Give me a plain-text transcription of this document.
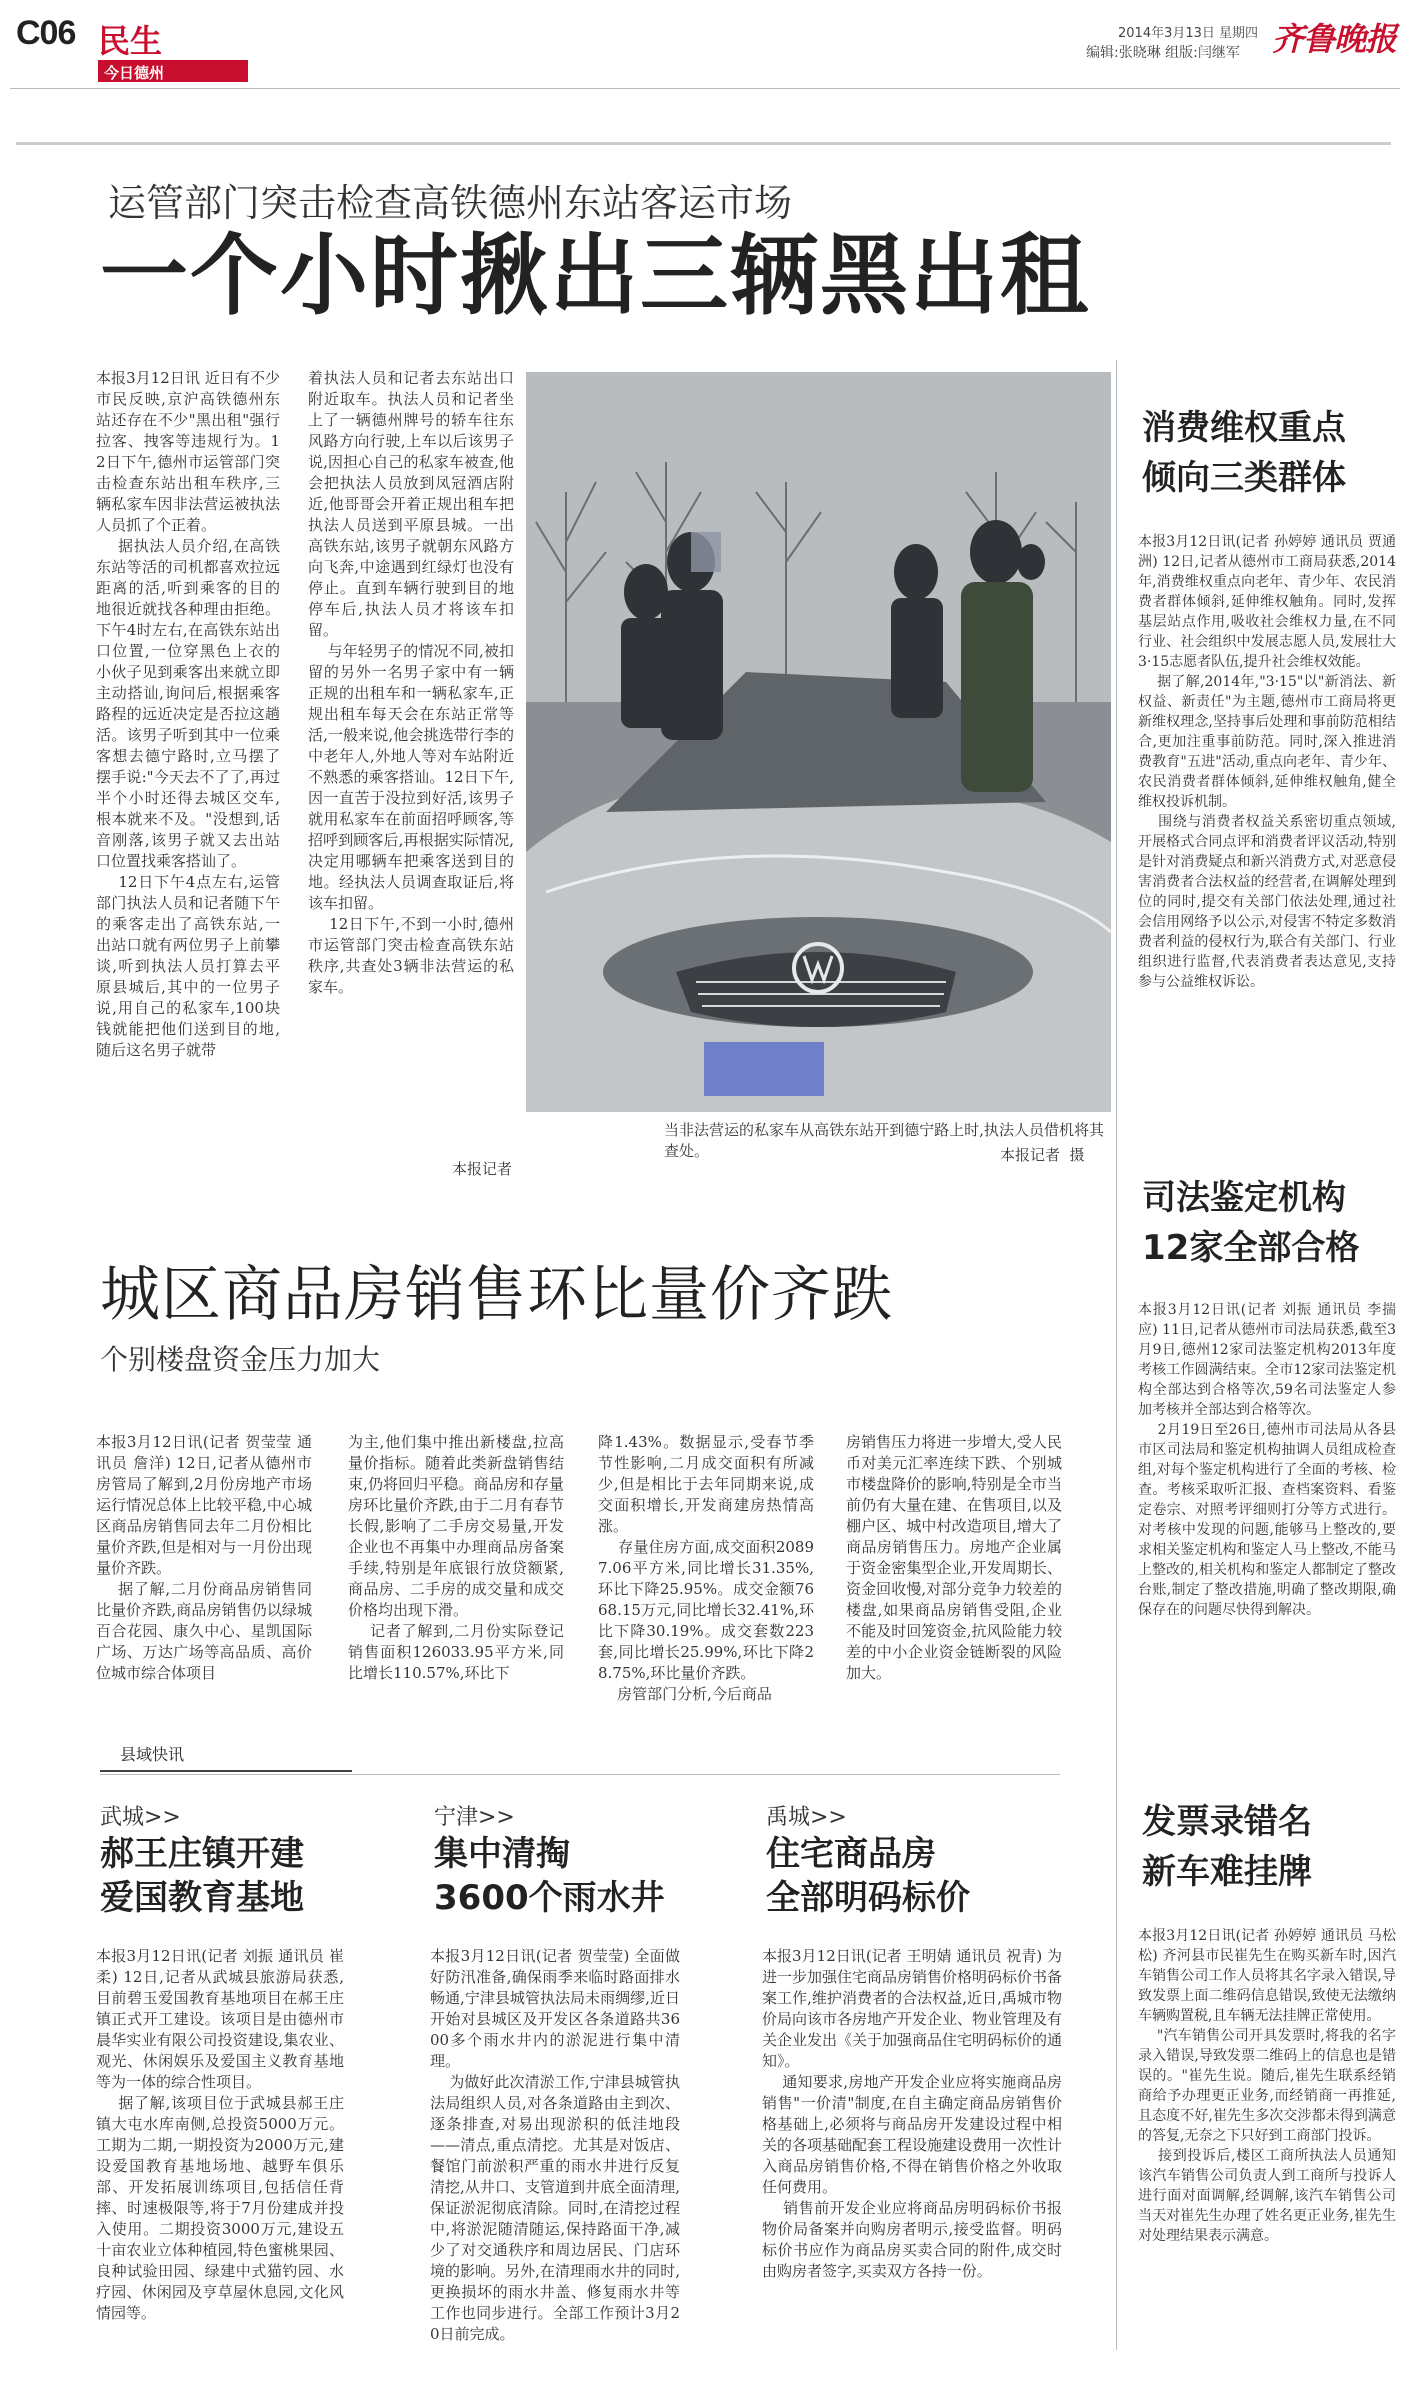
C06 民生
今日德州
2014年3月13日 星期四
编辑:张晓琳 组版:闫继军 齐鲁晚报
运管部门突击检查高铁德州东站客运市场
一个小时揪出三辆黑出租
本报3月12日讯 近日有不少市民反映,京沪高铁德州东站还存在不少"黑出租"强行拉客、拽客等违规行为。12日下午,德州市运管部门突击检查东站出租车秩序,三辆私家车因非法营运被执法人员抓了个正着。
据执法人员介绍,在高铁东站等活的司机都喜欢拉远距离的活,听到乘客的目的地很近就找各种理由拒绝。下午4时左右,在高铁东站出口位置,一位穿黑色上衣的小伙子见到乘客出来就立即主动搭讪,询问后,根据乘客路程的远近决定是否拉这趟活。该男子听到其中一位乘客想去德宁路时,立马摆了摆手说:"今天去不了了,再过半个小时还得去城区交车,根本就来不及。"没想到,话音刚落,该男子就又去出站口位置找乘客搭讪了。
12日下午4点左右,运管部门执法人员和记者随下午的乘客走出了高铁东站,一出站口就有两位男子上前攀谈,听到执法人员打算去平原县城后,其中的一位男子说,用自己的私家车,100块钱就能把他们送到目的地,随后这名男子就带
着执法人员和记者去东站出口附近取车。执法人员和记者坐上了一辆德州牌号的轿车往东风路方向行驶,上车以后该男子说,因担心自己的私家车被查,他会把执法人员放到凤冠酒店附近,他哥哥会开着正规出租车把执法人员送到平原县城。一出高铁东站,该男子就朝东风路方向飞奔,中途遇到红绿灯也没有停止。直到车辆行驶到目的地停车后,执法人员才将该车扣留。
与年轻男子的情况不同,被扣留的另外一名男子家中有一辆正规的出租车和一辆私家车,正规出租车每天会在东站正常等活,一般来说,他会挑选带行李的中老年人,外地人等对车站附近不熟悉的乘客搭讪。12日下午,因一直苦于没拉到好活,该男子就用私家车在前面招呼顾客,等招呼到顾客后,再根据实际情况,决定用哪辆车把乘客送到目的地。经执法人员调查取证后,将该车扣留。
12日下午,不到一小时,德州市运管部门突击检查高铁东站秩序,共查处3辆非法营运的私家车。
本报记者
当非法营运的私家车从高铁东站开到德宁路上时,执法人员借机将其查处。	本报记者  摄
城区商品房销售环比量价齐跌
个别楼盘资金压力加大
本报3月12日讯(记者 贺莹莹 通讯员 詹洋) 12日,记者从德州市房管局了解到,2月份房地产市场运行情况总体上比较平稳,中心城区商品房销售同去年二月份相比量价齐跌,但是相对与一月份出现量价齐跌。
据了解,二月份商品房销售同比量价齐跌,商品房销售仍以绿城百合花园、康久中心、星凯国际广场、万达广场等高品质、高价位城市综合体项目
为主,他们集中推出新楼盘,拉高量价指标。随着此类新盘销售结束,仍将回归平稳。商品房和存量房环比量价齐跌,由于二月有春节长假,影响了二手房交易量,开发企业也不再集中办理商品房备案手续,特别是年底银行放贷额紧,商品房、二手房的成交量和成交价格均出现下滑。
记者了解到,二月份实际登记销售面积126033.95平方米,同比增长110.57%,环比下
降1.43%。数据显示,受春节季节性影响,二月成交面积有所减少,但是相比于去年同期来说,成交面积增长,开发商建房热情高涨。
存量住房方面,成交面积20897.06平方米,同比增长31.35%,环比下降25.95%。成交金额7668.15万元,同比增长32.41%,环比下降30.19%。成交套数223套,同比增长25.99%,环比下降28.75%,环比量价齐跌。
房管部门分析,今后商品
房销售压力将进一步增大,受人民币对美元汇率连续下跌、个别城市楼盘降价的影响,特别是全市当前仍有大量在建、在售项目,以及棚户区、城中村改造项目,增大了商品房销售压力。房地产企业属于资金密集型企业,开发周期长、资金回收慢,对部分竞争力较差的楼盘,如果商品房销售受阻,企业不能及时回笼资金,抗风险能力较差的中小企业资金链断裂的风险加大。
县域快讯
武城>>
郝王庄镇开建
爱国教育基地
本报3月12日讯(记者 刘振 通讯员 崔柔) 12日,记者从武城县旅游局获悉,目前碧玉爱国教育基地项目在郝王庄镇正式开工建设。该项目是由德州市晨华实业有限公司投资建设,集农业、观光、休闲娱乐及爱国主义教育基地等为一体的综合性项目。
据了解,该项目位于武城县郝王庄镇大屯水库南侧,总投资5000万元。工期为二期,一期投资为2000万元,建设爱国教育基地场地、越野车俱乐部、开发拓展训练项目,包括信任背摔、时速极限等,将于7月份建成并投入使用。二期投资3000万元,建设五十亩农业立体种植园,特色蜜桃果园、良种试验田园、绿建中式猫钓园、水疗园、休闲园及亨草屋休息园,文化风情园等。
宁津>>
集中清掏
3600个雨水井
本报3月12日讯(记者 贺莹莹) 全面做好防汛准备,确保雨季来临时路面排水畅通,宁津县城管执法局未雨绸缪,近日开始对县城区及开发区各条道路共3600多个雨水井内的淤泥进行集中清理。
为做好此次清淤工作,宁津县城管执法局组织人员,对各条道路由主到次、逐条排查,对易出现淤积的低洼地段——清点,重点清挖。尤其是对饭店、餐馆门前淤积严重的雨水井进行反复清挖,从井口、支管道到井底全面清理,保证淤泥彻底清除。同时,在清挖过程中,将淤泥随清随运,保持路面干净,减少了对交通秩序和周边居民、门店环境的影响。另外,在清理雨水井的同时,更换损坏的雨水井盖、修复雨水井等工作也同步进行。全部工作预计3月20日前完成。
禹城>>
住宅商品房
全部明码标价
本报3月12日讯(记者 王明婧 通讯员 祝青) 为进一步加强住宅商品房销售价格明码标价书备案工作,维护消费者的合法权益,近日,禹城市物价局向该市各房地产开发企业、物业管理及有关企业发出《关于加强商品住宅明码标价的通知》。
通知要求,房地产开发企业应将实施商品房销售"一价清"制度,在自主确定商品房销售价格基础上,必须将与商品房开发建设过程中相关的各项基础配套工程设施建设费用一次性计入商品房销售价格,不得在销售价格之外收取任何费用。
销售前开发企业应将商品房明码标价书报物价局备案并向购房者明示,接受监督。明码标价书应作为商品房买卖合同的附件,成交时由购房者签字,买卖双方各持一份。
消费维权重点
倾向三类群体
本报3月12日讯(记者 孙婷婷 通讯员 贾通洲) 12日,记者从德州市工商局获悉,2014年,消费维权重点向老年、青少年、农民消费者群体倾斜,延伸维权触角。同时,发挥基层站点作用,吸收社会维权力量,在不同行业、社会组织中发展志愿人员,发展壮大3·15志愿者队伍,提升社会维权效能。
据了解,2014年,"3·15"以"新消法、新权益、新责任"为主题,德州市工商局将更新维权理念,坚持事后处理和事前防范相结合,更加注重事前防范。同时,深入推进消费教育"五进"活动,重点向老年、青少年、农民消费者群体倾斜,延伸维权触角,健全维权投诉机制。
围绕与消费者权益关系密切重点领域,开展格式合同点评和消费者评议活动,特别是针对消费疑点和新兴消费方式,对恶意侵害消费者合法权益的经营者,在调解处理到位的同时,提交有关部门依法处理,通过社会信用网络予以公示,对侵害不特定多数消费者利益的侵权行为,联合有关部门、行业组织进行监督,代表消费者表达意见,支持参与公益维权诉讼。
司法鉴定机构
12家全部合格
本报3月12日讯(记者 刘振 通讯员 李揣应) 11日,记者从德州市司法局获悉,截至3月9日,德州12家司法鉴定机构2013年度考核工作圆满结束。全市12家司法鉴定机构全部达到合格等次,59名司法鉴定人参加考核并全部达到合格等次。
2月19日至26日,德州市司法局从各县市区司法局和鉴定机构抽调人员组成检查组,对每个鉴定机构进行了全面的考核、检查。考核采取听汇报、查档案资料、看鉴定卷宗、对照考评细则打分等方式进行。对考核中发现的问题,能够马上整改的,要求相关鉴定机构和鉴定人马上整改,不能马上整改的,相关机构和鉴定人都制定了整改台账,制定了整改措施,明确了整改期限,确保存在的问题尽快得到解决。
发票录错名
新车难挂牌
本报3月12日讯(记者 孙婷婷 通讯员 马松松) 齐河县市民崔先生在购买新车时,因汽车销售公司工作人员将其名字录入错误,导致发票上面二维码信息错误,致使无法缴纳车辆购置税,且车辆无法挂牌正常使用。
"汽车销售公司开具发票时,将我的名字录入错误,导致发票二维码上的信息也是错误的。"崔先生说。随后,崔先生联系经销商给予办理更正业务,而经销商一再推延,且态度不好,崔先生多次交涉都未得到满意的答复,无奈之下只好到工商部门投诉。
接到投诉后,楼区工商所执法人员通知该汽车销售公司负责人到工商所与投诉人进行面对面调解,经调解,该汽车销售公司当天对崔先生办理了姓名更正业务,崔先生对处理结果表示满意。
